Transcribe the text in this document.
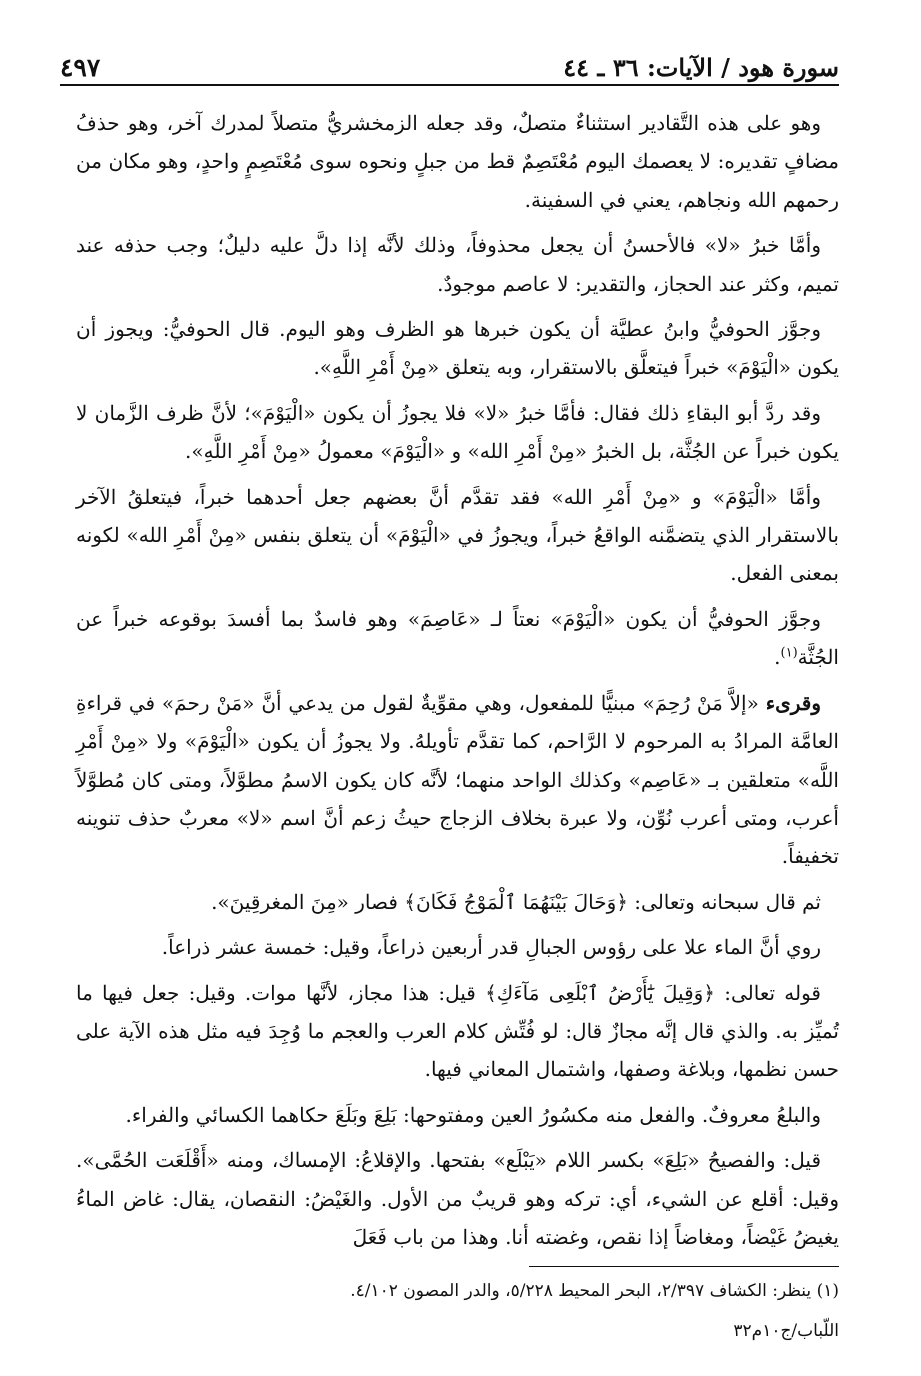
سورة هود / الآيات: ٣٦ ـ ٤٤
٤٩٧

وهو على هذه التَّقادير استثناءٌ متصلٌ، وقد جعله الزمخشريُّ متصلاً لمدرك آخر، وهو حذفُ مضافٍ تقديره: لا يعصمك اليوم مُعْتَصِمٌ قط من جبلٍ ونحوه سوى مُعْتَصِمٍ واحدٍ، وهو مكان من رحمهم الله ونجاهم، يعني في السفينة.

وأمَّا خبرُ «لا» فالأحسنُ أن يجعل محذوفاً، وذلك لأنَّه إذا دلَّ عليه دليلٌ؛ وجب حذفه عند تميم، وكثر عند الحجاز، والتقدير: لا عاصم موجودٌ.

وجوَّز الحوفيُّ وابنُ عطيَّة أن يكون خبرها هو الظرف وهو اليوم. قال الحوفيُّ: ويجوز أن يكون «الْيَوْمَ» خبراً فيتعلَّق بالاستقرار، وبه يتعلق «مِنْ أَمْرِ اللَّهِ».

وقد ردَّ أبو البقاءِ ذلك فقال: فأمَّا خبرُ «لا» فلا يجوزُ أن يكون «الْيَوْمَ»؛ لأنَّ ظرف الزَّمان لا يكون خبراً عن الجُثَّة، بل الخبرُ «مِنْ أَمْرِ الله» و «الْيَوْمَ» معمولُ «مِنْ أَمْرِ اللَّهِ».

وأمَّا «الْيَوْمَ» و «مِنْ أَمْرِ الله» فقد تقدَّم أنَّ بعضهم جعل أحدهما خبراً، فيتعلقُ الآخر بالاستقرار الذي يتضمَّنه الواقعُ خبراً، ويجوزُ في «الْيَوْمَ» أن يتعلق بنفس «مِنْ أَمْرِ الله» لكونه بمعنى الفعل.

وجوَّز الحوفيُّ أن يكون «الْيَوْمَ» نعتاً لـ «عَاصِمَ» وهو فاسدٌ بما أفسدَ بوقوعه خبراً عن الجُثَّة$^{(١)}$.

وقرىء «إلاَّ مَنْ رُحِمَ» مبنيًّا للمفعول، وهي مقوِّيةٌ لقول من يدعي أنَّ «مَنْ رحمَ» في قراءةِ العامَّة المرادُ به المرحوم لا الرَّاحم، كما تقدَّم تأويلهُ. ولا يجوزُ أن يكون «الْيَوْمَ» ولا «مِنْ أَمْرِ اللَّه» متعلقين بـ «عَاصِم» وكذلك الواحد منهما؛ لأنَّه كان يكون الاسمُ مطوَّلاً، ومتى كان مُطوَّلاً أعرب، ومتى أعرب نُوِّن، ولا عبرة بخلاف الزجاج حيثُ زعم أنَّ اسم «لا» معربٌ حذف تنوينه تخفيفاً.

ثم قال سبحانه وتعالى: ﴿وَحَالَ بَيْنَهُمَا ٱلْمَوْجُ فَكَانَ﴾ فصار «مِنَ المغرقِينَ».

روي أنَّ الماء علا على رؤوس الجبالِ قدر أربعين ذراعاً، وقيل: خمسة عشر ذراعاً.

قوله تعالى: ﴿وَقِيلَ يَٰٓأَرْضُ ٱبْلَعِى مَآءَكِ﴾ قيل: هذا مجاز، لأنَّها موات. وقيل: جعل فيها ما تُميِّز به. والذي قال إنَّه مجازٌ قال: لو فُتِّش كلام العرب والعجم ما وُجِدَ فيه مثل هذه الآية على حسن نظمها، وبلاغة وصفها، واشتمال المعاني فيها.

والبلعُ معروفٌ. والفعل منه مكسُورُ العين ومفتوحها: بَلِعَ وبَلَعَ حكاهما الكسائي والفراء.

قيل: والفصيحُ «بَلِعَ» بكسر اللام «يَبْلَع» بفتحها. والإقلاعُ: الإمساك، ومنه «أَقْلَعَت الحُمَّى». وقيل: أقلع عن الشيء، أي: تركه وهو قريبٌ من الأول. والغَيْضُ: النقصان، يقال: غاض الماءُ يغيضُ غَيْضاً، ومغاضاً إذا نقص، وغضته أنا. وهذا من باب فَعَلَ

(١) ينظر: الكشاف ٢/٣٩٧، البحر المحيط ٥/٢٢٨، والدر المصون ٤/١٠٢.
اللّباب/ج١٠م٣٢
